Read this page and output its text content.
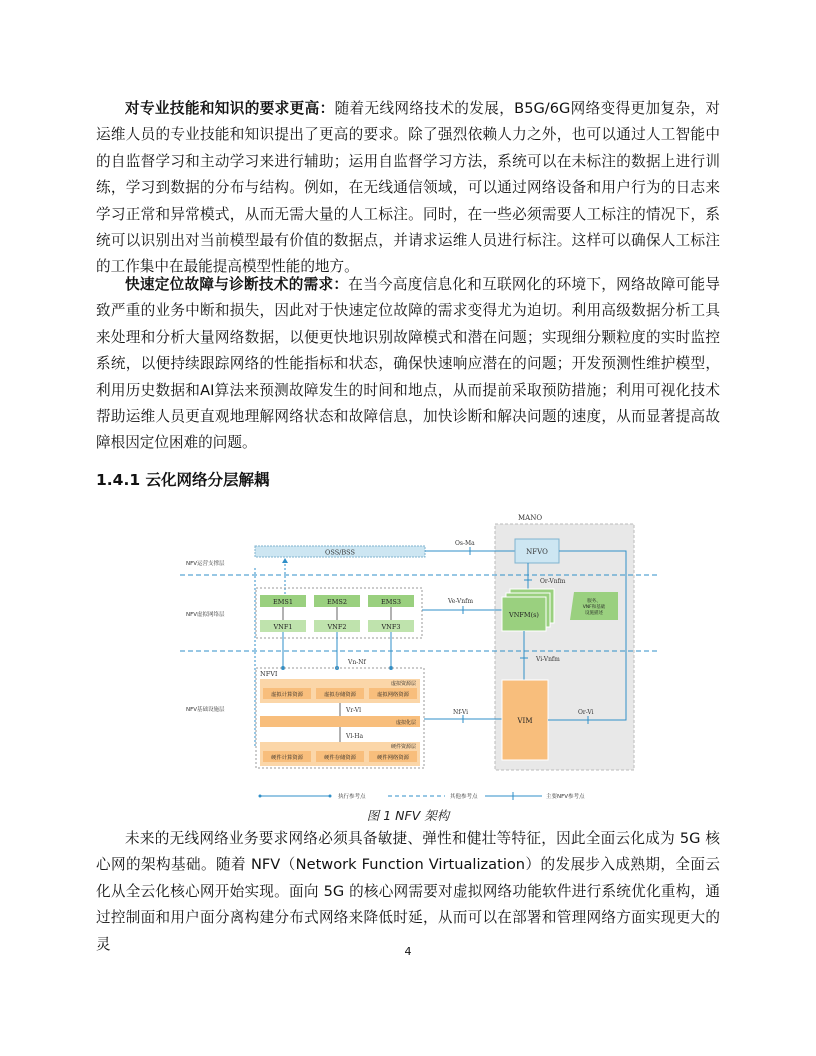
对专业技能和知识的要求更高：随着无线网络技术的发展，B5G/6G网络变得更加复杂，对运维人员的专业技能和知识提出了更高的要求。除了强烈依赖人力之外，也可以通过人工智能中的自监督学习和主动学习来进行辅助；运用自监督学习方法，系统可以在未标注的数据上进行训练，学习到数据的分布与结构。例如，在无线通信领域，可以通过网络设备和用户行为的日志来学习正常和异常模式，从而无需大量的人工标注。同时，在一些必须需要人工标注的情况下，系统可以识别出对当前模型最有价值的数据点，并请求运维人员进行标注。这样可以确保人工标注的工作集中在最能提高模型性能的地方。

快速定位故障与诊断技术的需求：在当今高度信息化和互联网化的环境下，网络故障可能导致严重的业务中断和损失，因此对于快速定位故障的需求变得尤为迫切。利用高级数据分析工具来处理和分析大量网络数据，以便更快地识别故障模式和潜在问题；实现细分颗粒度的实时监控系统，以便持续跟踪网络的性能指标和状态，确保快速响应潜在的问题；开发预测性维护模型，利用历史数据和AI算法来预测故障发生的时间和地点，从而提前采取预防措施；利用可视化技术帮助运维人员更直观地理解网络状态和故障信息，加快诊断和解决问题的速度，从而显著提高故障根因定位困难的问题。

1.4.1 云化网络分层解耦
MANO
NFV运营支撑层
NFV虚拟网络层
NFV基础设施层
OSS/BSS
Os-Ma
NFVO
Or-Vnfm
EMS1	EMS2	EMS3
VNF1	VNF2	VNF3
Ve-Vnfm
VNFM(s)
服务、
VNF和基础
设施描述
Vi-Vnfm
Vn-Nf
NFVI
虚拟资源层
虚拟计算资源	虚拟存储资源	虚拟网络资源
Vr-Vl
虚拟化层
Vl-Ha
硬件资源层
硬件计算资源	硬件存储资源	硬件网络资源
Nf-Vi
VIM
Or-Vi
执行参考点	其他参考点	主要NFV参考点
图 1 NFV 架构

未来的无线网络业务要求网络必须具备敏捷、弹性和健壮等特征，因此全面云化成为 5G 核心网的架构基础。随着 NFV（Network Function Virtualization）的发展步入成熟期，全面云化从全云化核心网开始实现。面向 5G 的核心网需要对虚拟网络功能软件进行系统优化重构，通过控制面和用户面分离构建分布式网络来降低时延，从而可以在部署和管理网络方面实现更大的灵	4
